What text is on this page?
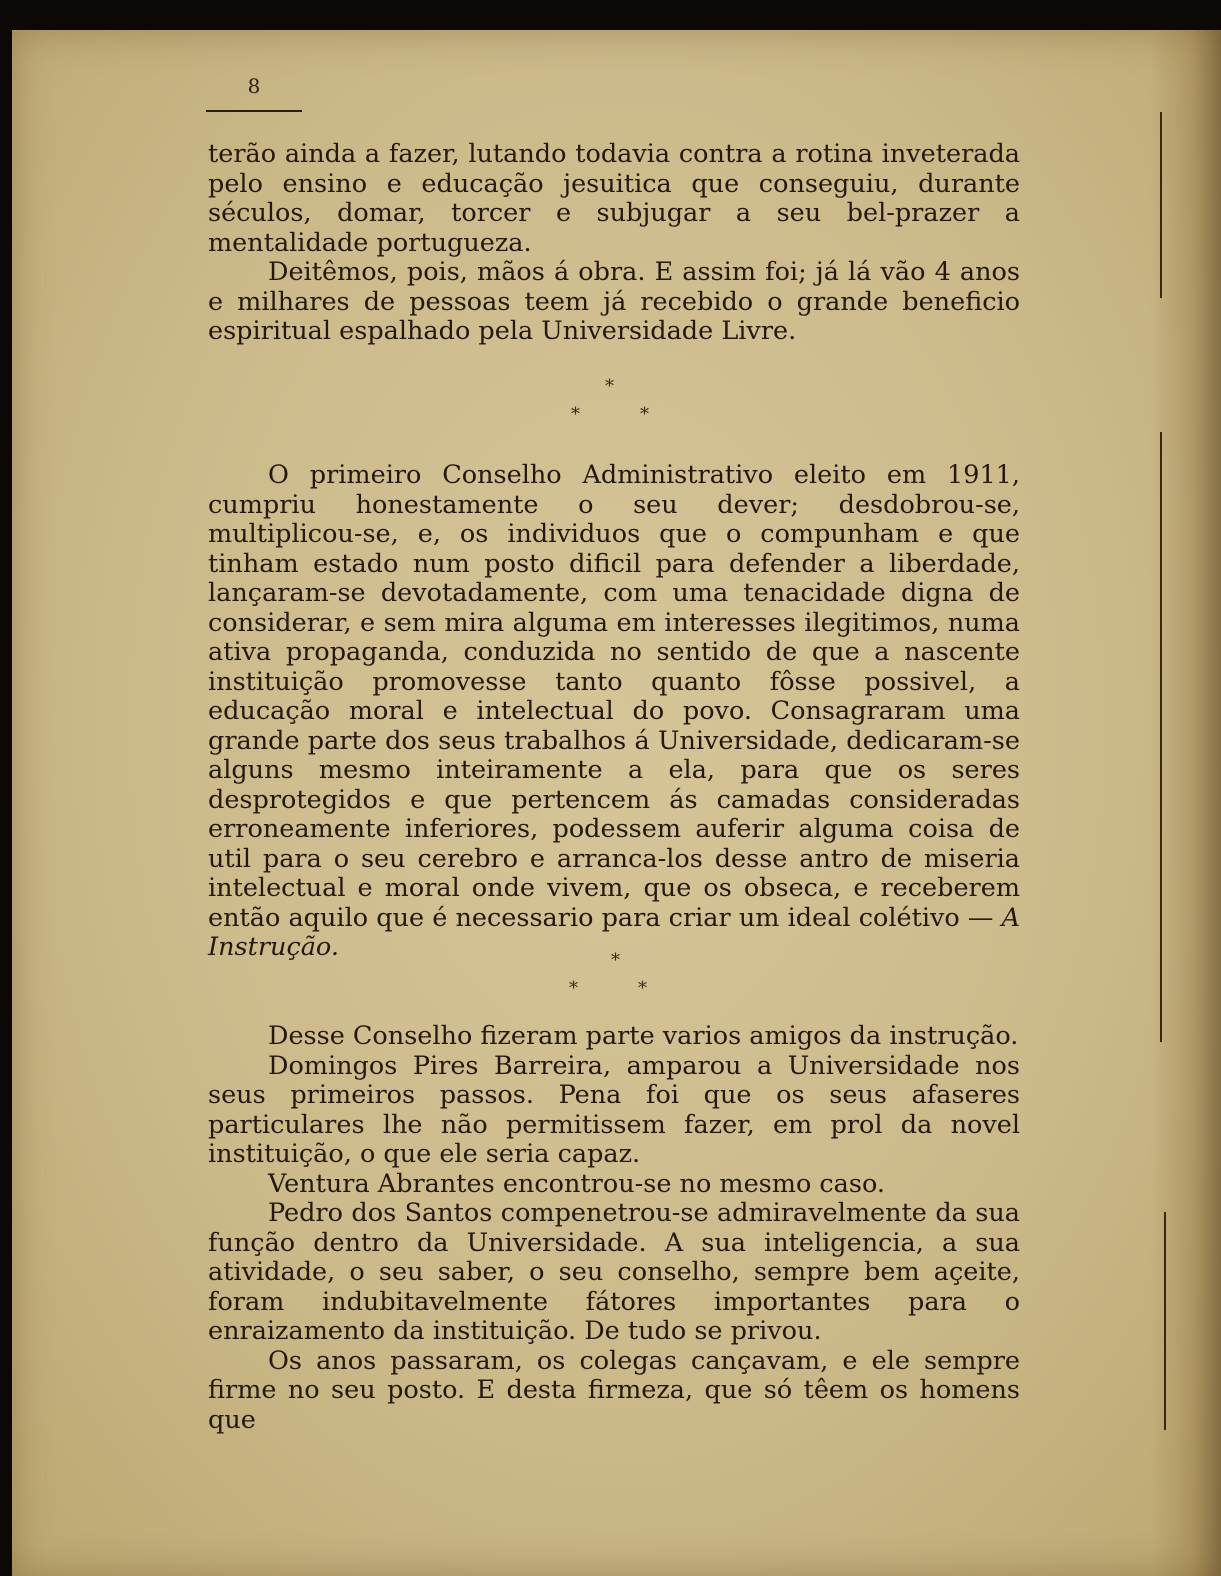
8

terão ainda a fazer, lutando todavia contra a rotina inveterada pelo ensino e educação jesuitica que conseguiu, durante séculos, domar, torcer e subjugar a seu bel-prazer a mentalidade portugueza.

Deitêmos, pois, mãos á obra. E assim foi; já lá vão 4 anos e milhares de pessoas teem já recebido o grande beneficio espiritual espalhado pela Universidade Livre.

*
*	*

O primeiro Conselho Administrativo eleito em 1911, cumpriu honestamente o seu dever; desdobrou-se, multiplicou-se, e, os individuos que o compunham e que tinham estado num posto dificil para defender a liberdade, lançaram-se devotadamente, com uma tenacidade digna de considerar, e sem mira alguma em interesses ilegitimos, numa ativa propaganda, conduzida no sentido de que a nascente instituição promovesse tanto quanto fôsse possivel, a educação moral e intelectual do povo. Consagraram uma grande parte dos seus trabalhos á Universidade, dedicaram-se alguns mesmo inteiramente a ela, para que os seres desprotegidos e que pertencem ás camadas consideradas erroneamente inferiores, podessem auferir alguma coisa de util para o seu cerebro e arranca-los desse antro de miseria intelectual e moral onde vivem, que os obseca, e receberem então aquilo que é necessario para criar um ideal colétivo — A Instrução.	*
*	*

Desse Conselho fizeram parte varios amigos da instrução.

Domingos Pires Barreira, amparou a Universidade nos seus primeiros passos. Pena foi que os seus afaseres particulares lhe não permitissem fazer, em prol da novel instituição, o que ele seria capaz.

Ventura Abrantes encontrou-se no mesmo caso.

Pedro dos Santos compenetrou-se admiravelmente da sua função dentro da Universidade. A sua inteligencia, a sua atividade, o seu saber, o seu conselho, sempre bem açeite, foram indubitavelmente fátores importantes para o enraizamento da instituição. De tudo se privou.

Os anos passaram, os colegas cançavam, e ele sempre firme no seu posto. E desta firmeza, que só têem os homens que
